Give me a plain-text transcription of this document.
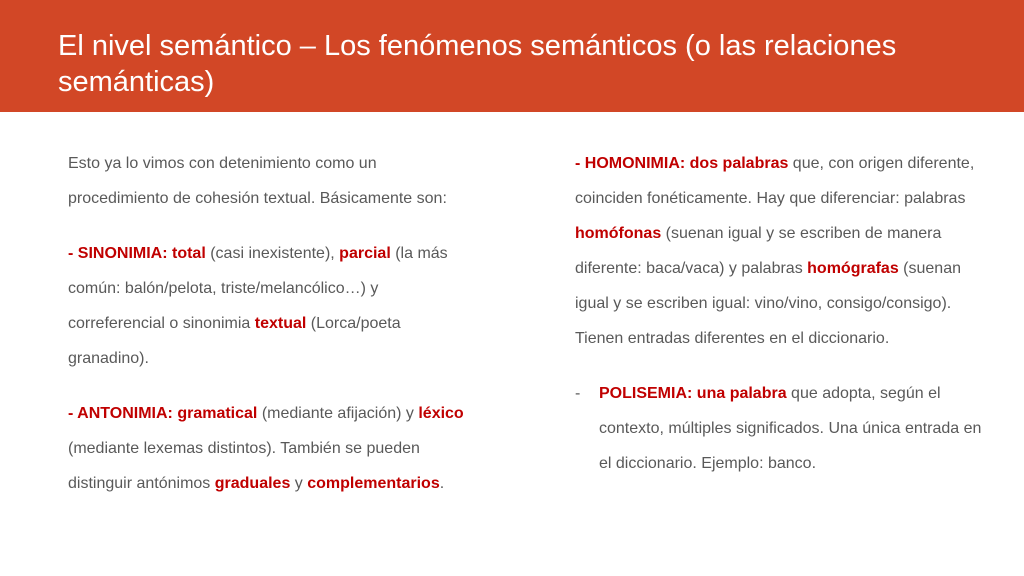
El nivel semántico – Los fenómenos semánticos (o las relaciones semánticas)

Esto ya lo vimos con detenimiento como un procedimiento de cohesión textual. Básicamente son:

- SINONIMIA: total (casi inexistente), parcial (la más común: balón/pelota, triste/melancólico…) y correferencial o sinonimia textual (Lorca/poeta granadino).

- ANTONIMIA: gramatical (mediante afijación) y léxico (mediante lexemas distintos). También se pueden distinguir antónimos graduales y complementarios.

- HOMONIMIA: dos palabras que, con origen diferente, coinciden fonéticamente. Hay que diferenciar: palabras homófonas (suenan igual y se escriben de manera diferente: baca/vaca) y palabras homógrafas (suenan igual y se escriben igual: vino/vino, consigo/consigo). Tienen entradas diferentes en el diccionario.

- POLISEMIA: una palabra que adopta, según el contexto, múltiples significados. Una única entrada en el diccionario. Ejemplo: banco.
